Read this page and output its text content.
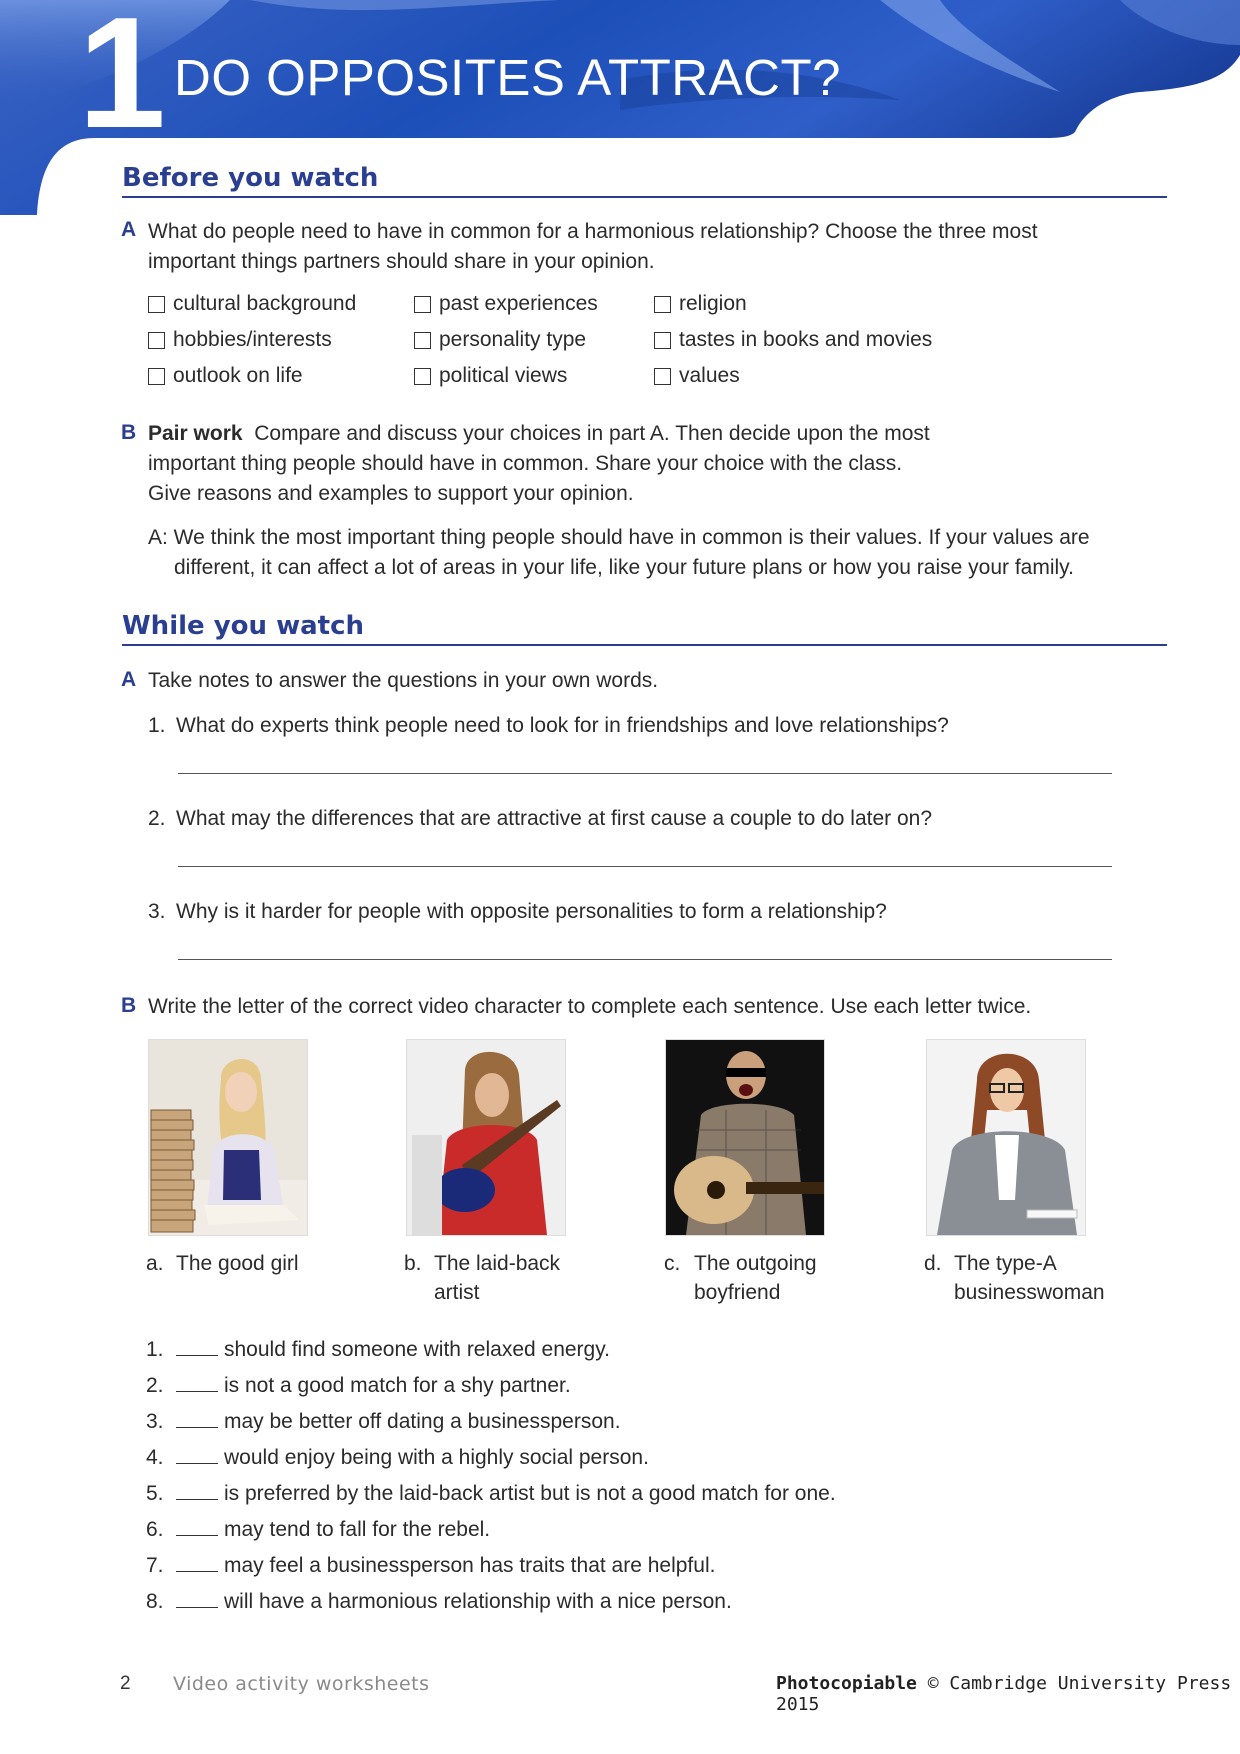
1 DO OPPOSITES ATTRACT?
Before you watch
A What do people need to have in common for a harmonious relationship? Choose the three most important things partners should share in your opinion.
cultural background	past experiences	religion
hobbies/interests	personality type	tastes in books and movies
outlook on life	political views	values
B Pair work Compare and discuss your choices in part A. Then decide upon the most
important thing people should have in common. Share your choice with the class.
Give reasons and examples to support your opinion.
A: We think the most important thing people should have in common is their values. If your values are
different, it can affect a lot of areas in your life, like your future plans or how you raise your family.
While you watch
A Take notes to answer the questions in your own words.
1. What do experts think people need to look for in friendships and love relationships?
2. What may the differences that are attractive at first cause a couple to do later on?
3. Why is it harder for people with opposite personalities to form a relationship?
B Write the letter of the correct video character to complete each sentence. Use each letter twice.
a. The good girl	b. The laid-back
artist
c. The outgoing
boyfriend
d. The type-A
businesswoman
1.	should find someone with relaxed energy.
2.	is not a good match for a shy partner.
3.	may be better off dating a businessperson.
4.	would enjoy being with a highly social person.
5.	is preferred by the laid-back artist but is not a good match for one.
6.	may tend to fall for the rebel.
7.	may feel a businessperson has traits that are helpful.
8.	will have a harmonious relationship with a nice person.
2 Video activity worksheets	Photocopiable © Cambridge University Press 2015
